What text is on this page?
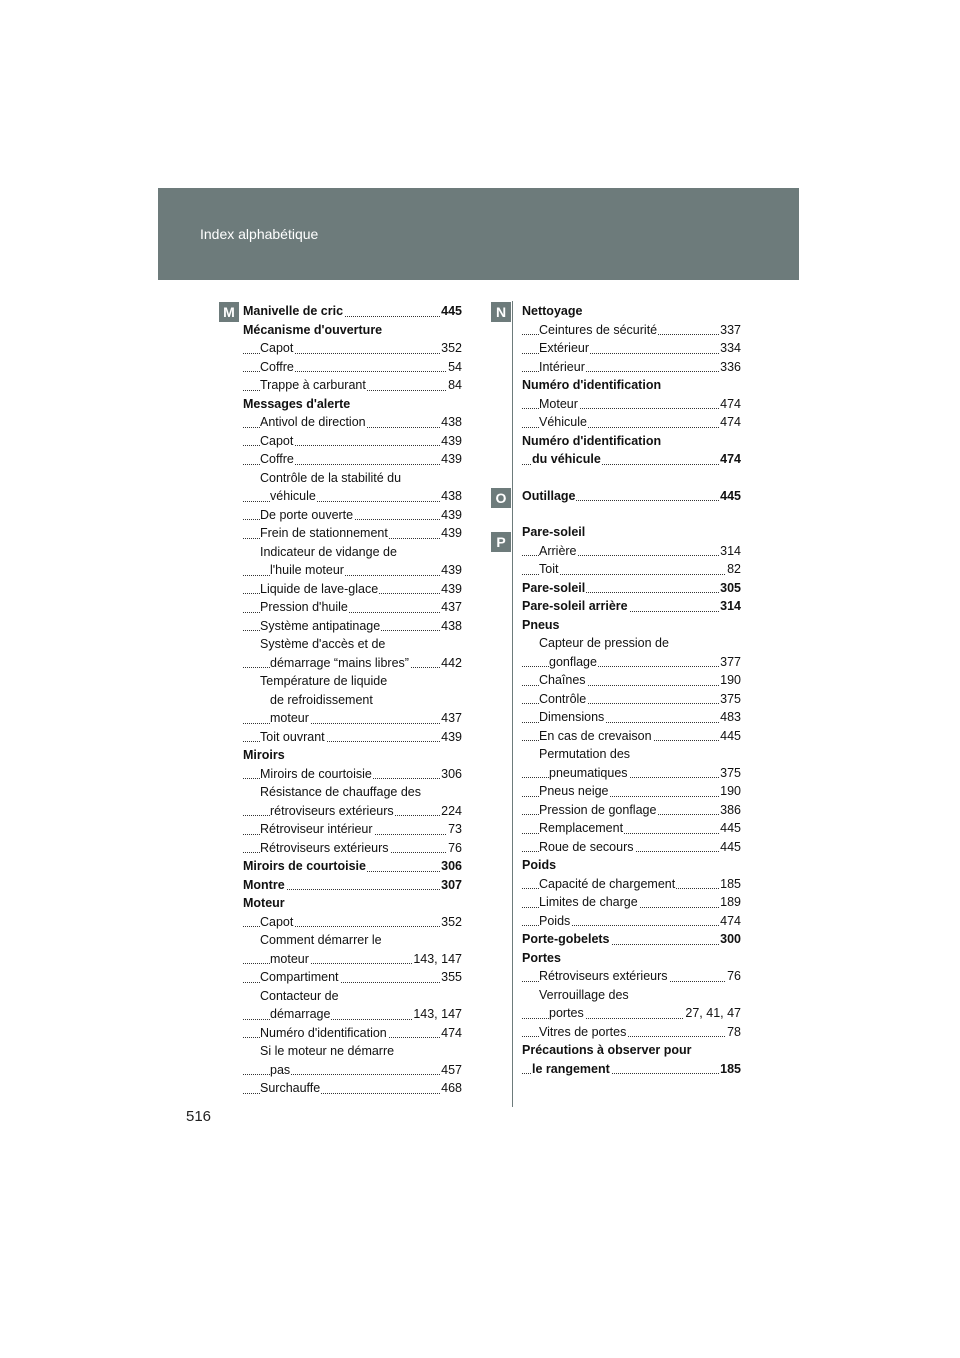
Index alphabétique
M	N
O
P
Manivelle de cric	445
Mécanisme d'ouverture
Capot	352
Coffre	54
Trappe à carburant	84
Messages d'alerte
Antivol de direction	438
Capot	439
Coffre	439
Contrôle de la stabilité du
véhicule	438
De porte ouverte	439
Frein de stationnement	439
Indicateur de vidange de
l'huile moteur	439
Liquide de lave-glace	439
Pression d'huile	437
Système antipatinage	438
Système d'accès et de
démarrage “mains libres”	442
Température de liquide
de refroidissement
moteur	437
Toit ouvrant	439
Miroirs
Miroirs de courtoisie	306
Résistance de chauffage des
rétroviseurs extérieurs	224
Rétroviseur intérieur	73
Rétroviseurs extérieurs	76
Miroirs de courtoisie	306
Montre	307
Moteur
Capot	352
Comment démarrer le
moteur	143, 147
Compartiment	355
Contacteur de
démarrage	143, 147
Numéro d'identification	474
Si le moteur ne démarre
pas	457
Surchauffe	468
Nettoyage
Ceintures de sécurité	337
Extérieur	334
Intérieur	336
Numéro d'identification
Moteur	474
Véhicule	474
Numéro d'identification
du véhicule	474
Outillage	445
Pare-soleil
Arrière	314
Toit	82
Pare-soleil	305
Pare-soleil arrière	314
Pneus
Capteur de pression de
gonflage	377
Chaînes	190
Contrôle	375
Dimensions	483
En cas de crevaison	445
Permutation des
pneumatiques	375
Pneus neige	190
Pression de gonflage	386
Remplacement	445
Roue de secours	445
Poids
Capacité de chargement	185
Limites de charge	189
Poids	474
Porte-gobelets	300
Portes
Rétroviseurs extérieurs	76
Verrouillage des
portes	27, 41, 47
Vitres de portes	78
Précautions à observer pour
le rangement	185
516
